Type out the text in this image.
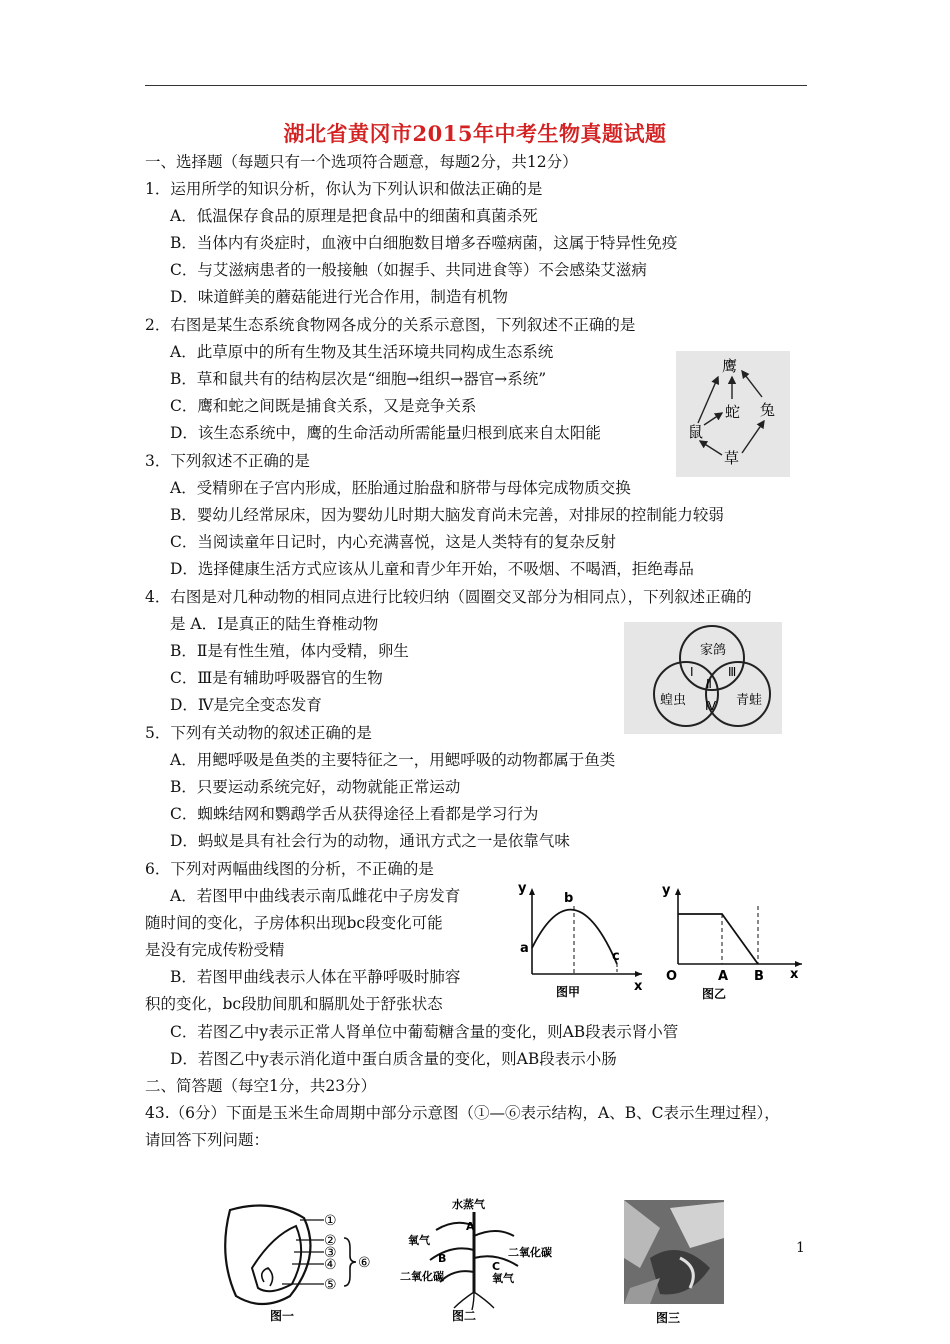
湖北省黄冈市2015年中考生物真题试题
一、选择题（每题只有一个选项符合题意，每题2分，共12分）
1．运用所学的知识分析，你认为下列认识和做法正确的是
A．低温保存食品的原理是把食品中的细菌和真菌杀死
B．当体内有炎症时，血液中白细胞数目增多吞噬病菌，这属于特异性免疫
C．与艾滋病患者的一般接触（如握手、共同进食等）不会感染艾滋病
D．味道鲜美的蘑菇能进行光合作用，制造有机物
2．右图是某生态系统食物网各成分的关系示意图，下列叙述不正确的是
A．此草原中的所有生物及其生活环境共同构成生态系统
B．草和鼠共有的结构层次是“细胞→组织→器官→系统”
C．鹰和蛇之间既是捕食关系，又是竞争关系
D．该生态系统中，鹰的生命活动所需能量归根到底来自太阳能
鹰
蛇 兔
鼠
草
3．下列叙述不正确的是
A．受精卵在子宫内形成，胚胎通过胎盘和脐带与母体完成物质交换
B．婴幼儿经常尿床，因为婴幼儿时期大脑发育尚未完善，对排尿的控制能力较弱
C．当阅读童年日记时，内心充满喜悦，这是人类特有的复杂反射
D．选择健康生活方式应该从儿童和青少年开始，不吸烟、不喝酒，拒绝毒品
4．右图是对几种动物的相同点进行比较归纳（圆圈交叉部分为相同点），下列叙述正确的
是 A．Ⅰ是真正的陆生脊椎动物
B．Ⅱ是有性生殖，体内受精，卵生
C．Ⅲ是有辅助呼吸器官的生物
D．Ⅳ是完全变态发育
家鸽
蝗虫	青蛙
Ⅰ	Ⅲ
Ⅱ
Ⅳ
5．下列有关动物的叙述正确的是
A．用鳃呼吸是鱼类的主要特征之一，用鳃呼吸的动物都属于鱼类
B．只要运动系统完好，动物就能正常运动
C．蜘蛛结网和鹦鹉学舌从获得途径上看都是学习行为
D．蚂蚁是具有社会行为的动物，通讯方式之一是依靠气味
6．下列对两幅曲线图的分析，不正确的是
A．若图甲中曲线表示南瓜雌花中子房发育
随时间的变化，子房体积出现bc段变化可能
是没有完成传粉受精
B．若图甲曲线表示人体在平静呼吸时肺容
积的变化，bc段肋间肌和膈肌处于舒张状态
C．若图乙中y表示正常人肾单位中葡萄糖含量的变化，则AB段表示肾小管
D．若图乙中y表示消化道中蛋白质含量的变化，则AB段表示小肠
y
x
a
b
c
图甲
y
x
O	A B
图乙
二、简答题（每空1分，共23分）
43.（6分）下面是玉米生命周期中部分示意图（①—⑥表示结构，A、B、C表示生理过程），
请回答下列问题：
①
②
③
④
⑤
⑥
图一
水蒸气
氧气
二氧化碳
二氧化碳	氧气
A
B
C
图二	图三
1
